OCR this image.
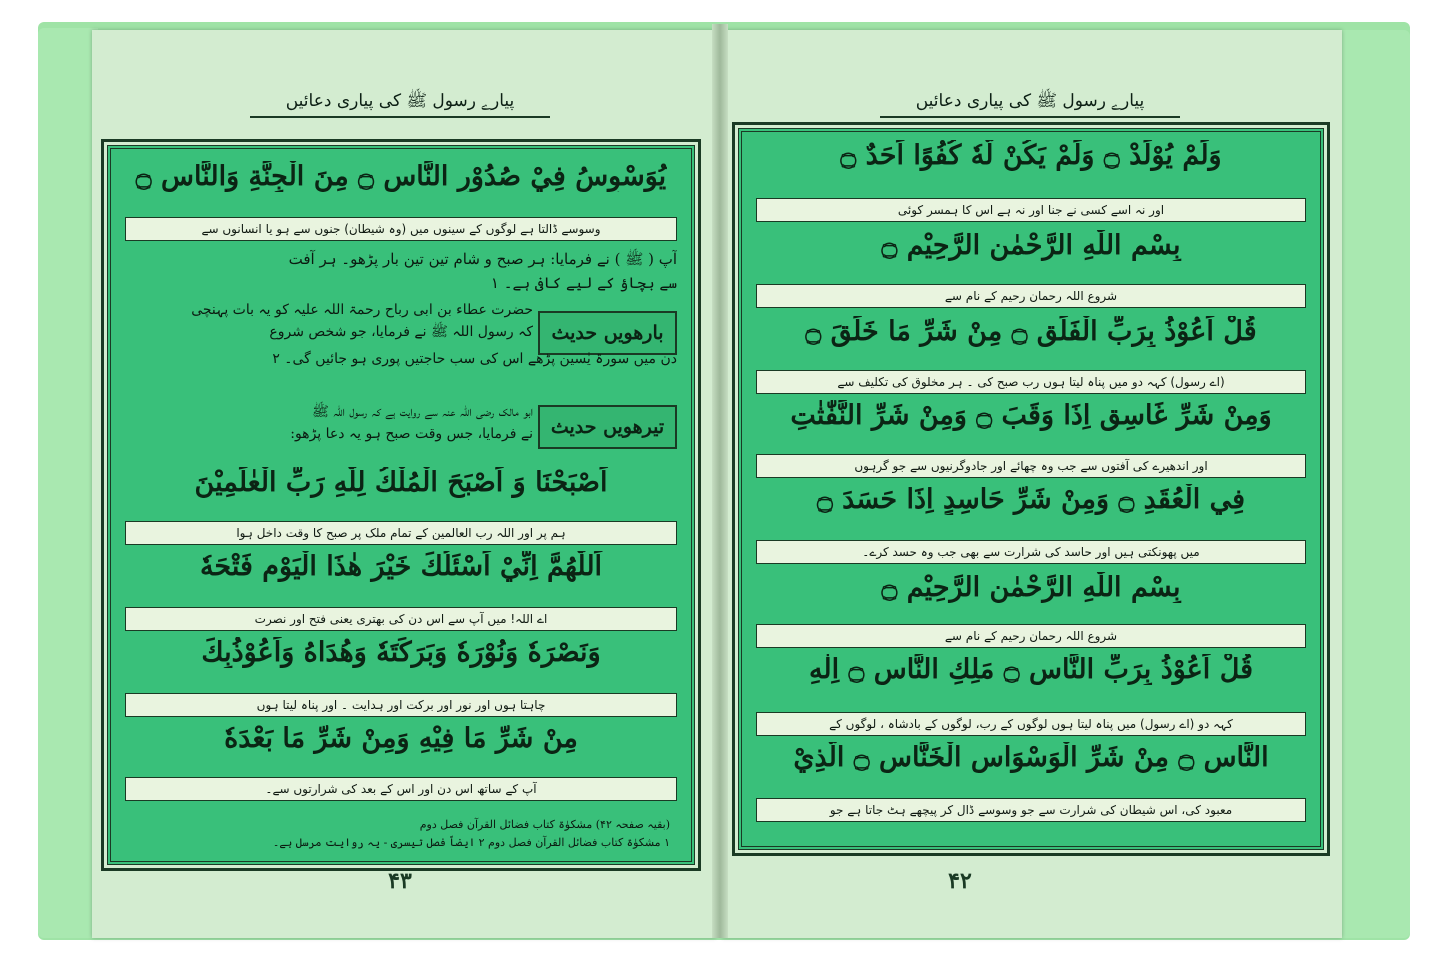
پیارے رسول ﷺ کی پیاری دعائیں	پیارے رسول ﷺ کی پیاری دعائیں
يُوَسْوِسُ فِيْ صُدُوْرِ النَّاسِ ۝ مِنَ الْجِنَّةِ وَالنَّاسِ ۝
وسوسے ڈالتا ہے لوگوں کے سینوں میں (وہ شیطان) جنوں سے ہو یا انسانوں سے
آپ ( ﷺ ) نے فرمایا: ہر صبح و شام تین تین بار پڑھو۔ ہر آفت
سے بچاؤ کے لیے کافی ہے۔ ۱
بارھویں حدیث
حضرت عطاء بن ابی رباح رحمۃ اللہ علیہ کو یہ بات پہنچی
کہ رسول اللہ ﷺ نے فرمایا، جو شخص شروع
دن میں سورۃ یٰسین پڑھے اس کی سب حاجتیں پوری ہو جائیں گی۔ ۲
تیرھویں حدیث
ابو مالک رضی اللہ عنہ سے روایت ہے کہ رسول اللہ ﷺ
نے فرمایا، جس وقت صبح ہو یہ دعا پڑھو:
اَصْبَحْنَا وَ اَصْبَحَ الْمُلْكُ لِلّٰهِ رَبِّ الْعٰلَمِيْنَ
ہم پر اور اللہ رب العالمین کے تمام ملک پر صبح کا وقت داخل ہوا
اَللّٰهُمَّ اِنِّيْ اَسْئَلُكَ خَيْرَ هٰذَا الْيَوْمِ فَتْحَهٗ
اے اللہ! میں آپ سے اس دن کی بھتری یعنی فتح اور نصرت
وَنَصْرَهٗ وَنُوْرَهٗ وَبَرَكَتَهٗ وَهُدَاهُ وَاَعُوْذُبِكَ
چاہتا ہوں اور نور اور برکت اور ہدایت ۔ اور پناہ لیتا ہوں
مِنْ شَرِّ مَا فِيْهِ وَمِنْ شَرِّ مَا بَعْدَهٗ
آپ کے ساتھ اس دن اور اس کے بعد کی شرارتوں سے۔
(بقیہ صفحہ ۴۲) مشکوٰۃ کتاب فضائل القرآن فصل دوم
۱ مشکوٰۃ کتاب فضائل القرآن فصل دوم ۲ ایضاً فصل تیسری - یہ روایت مرسل ہے۔
۴۳
وَلَمْ يُوْلَدْ ۝ وَلَمْ يَكُنْ لَّهٗ كُفُوًا اَحَدٌ ۝
اور نہ اسے کسی نے جنا اور نہ ہے اس کا ہمسر کوئی
بِسْمِ اللّٰهِ الرَّحْمٰنِ الرَّحِيْمِ ۝
شروع اللہ رحمان رحیم کے نام سے
قُلْ اَعُوْذُ بِرَبِّ الْفَلَقِ ۝ مِنْ شَرِّ مَا خَلَقَ ۝
(اے رسول) کہہ دو میں پناہ لیتا ہوں رب صبح کی ۔ ہر مخلوق کی تکلیف سے
وَمِنْ شَرِّ غَاسِقٍ اِذَا وَقَبَ ۝ وَمِنْ شَرِّ النَّفّٰثٰتِ
اور اندھیرے کی آفتوں سے جب وہ چھائے اور جادوگرنیوں سے جو گرہوں
فِي الْعُقَدِ ۝ وَمِنْ شَرِّ حَاسِدٍ اِذَا حَسَدَ ۝
میں پھونکتی ہیں اور حاسد کی شرارت سے بھی جب وہ حسد کرے۔
بِسْمِ اللّٰهِ الرَّحْمٰنِ الرَّحِيْمِ ۝
شروع اللہ رحمان رحیم کے نام سے
قُلْ اَعُوْذُ بِرَبِّ النَّاسِ ۝ مَلِكِ النَّاسِ ۝ اِلٰهِ
کہہ دو (اے رسول) میں پناہ لیتا ہوں لوگوں کے رب، لوگوں کے بادشاہ ، لوگوں کے
النَّاسِ ۝ مِنْ شَرِّ الْوَسْوَاسِ الْخَنَّاسِ ۝ الَّذِيْ
معبود کی، اس شیطان کی شرارت سے جو وسوسے ڈال کر پیچھے ہٹ جاتا ہے جو
۴۲
